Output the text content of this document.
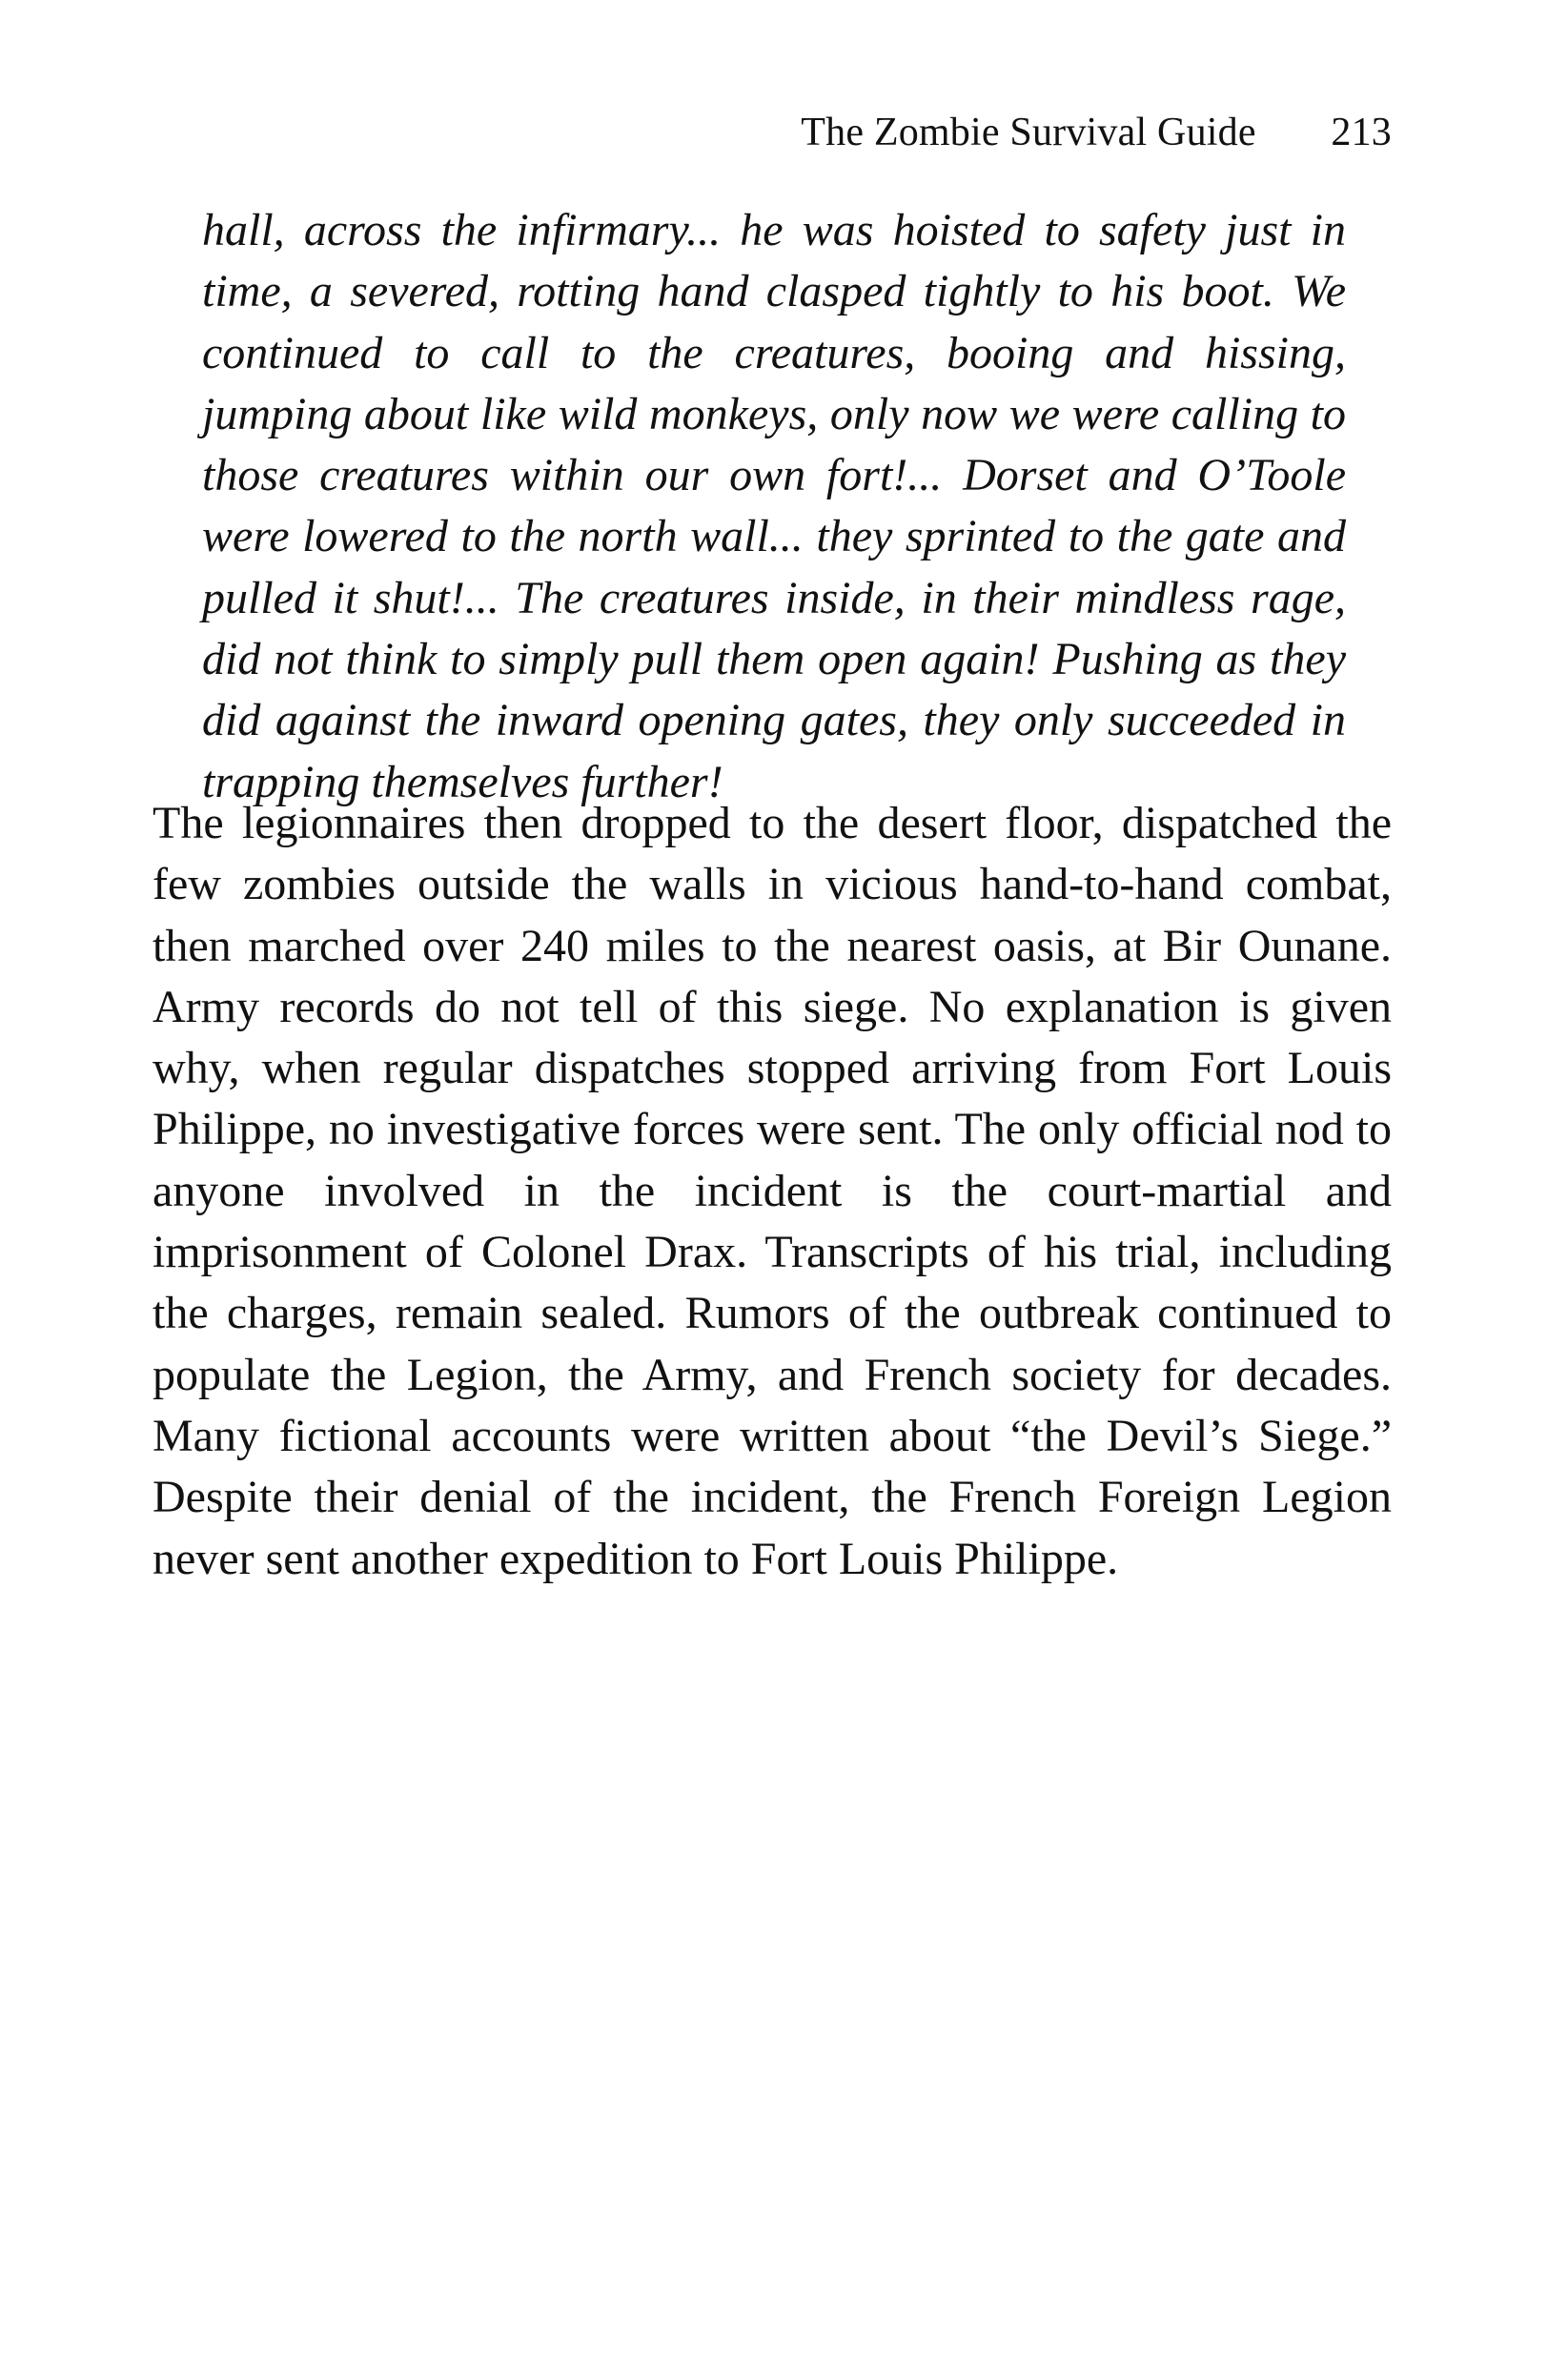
The Zombie Survival Guide 213

hall, across the infirmary... he was hoisted to safety just in time, a severed, rotting hand clasped tightly to his boot. We continued to call to the creatures, booing and hissing, jumping about like wild monkeys, only now we were calling to those creatures within our own fort!... Dorset and O’Toole were lowered to the north wall... they sprinted to the gate and pulled it shut!... The creatures inside, in their mindless rage, did not think to simply pull them open again! Pushing as they did against the inward opening gates, they only succeeded in trapping themselves further!

The legionnaires then dropped to the desert floor, dispatched the few zombies outside the walls in vicious hand-to-hand combat, then marched over 240 miles to the nearest oasis, at Bir Ounane. Army records do not tell of this siege. No explanation is given why, when regular dispatches stopped arriving from Fort Louis Philippe, no investigative forces were sent. The only official nod to anyone involved in the incident is the court-martial and imprisonment of Colonel Drax. Transcripts of his trial, including the charges, remain sealed. Rumors of the outbreak continued to populate the Legion, the Army, and French society for decades. Many fictional accounts were written about “the Devil’s Siege.” Despite their denial of the incident, the French Foreign Legion never sent another expedition to Fort Louis Philippe.
